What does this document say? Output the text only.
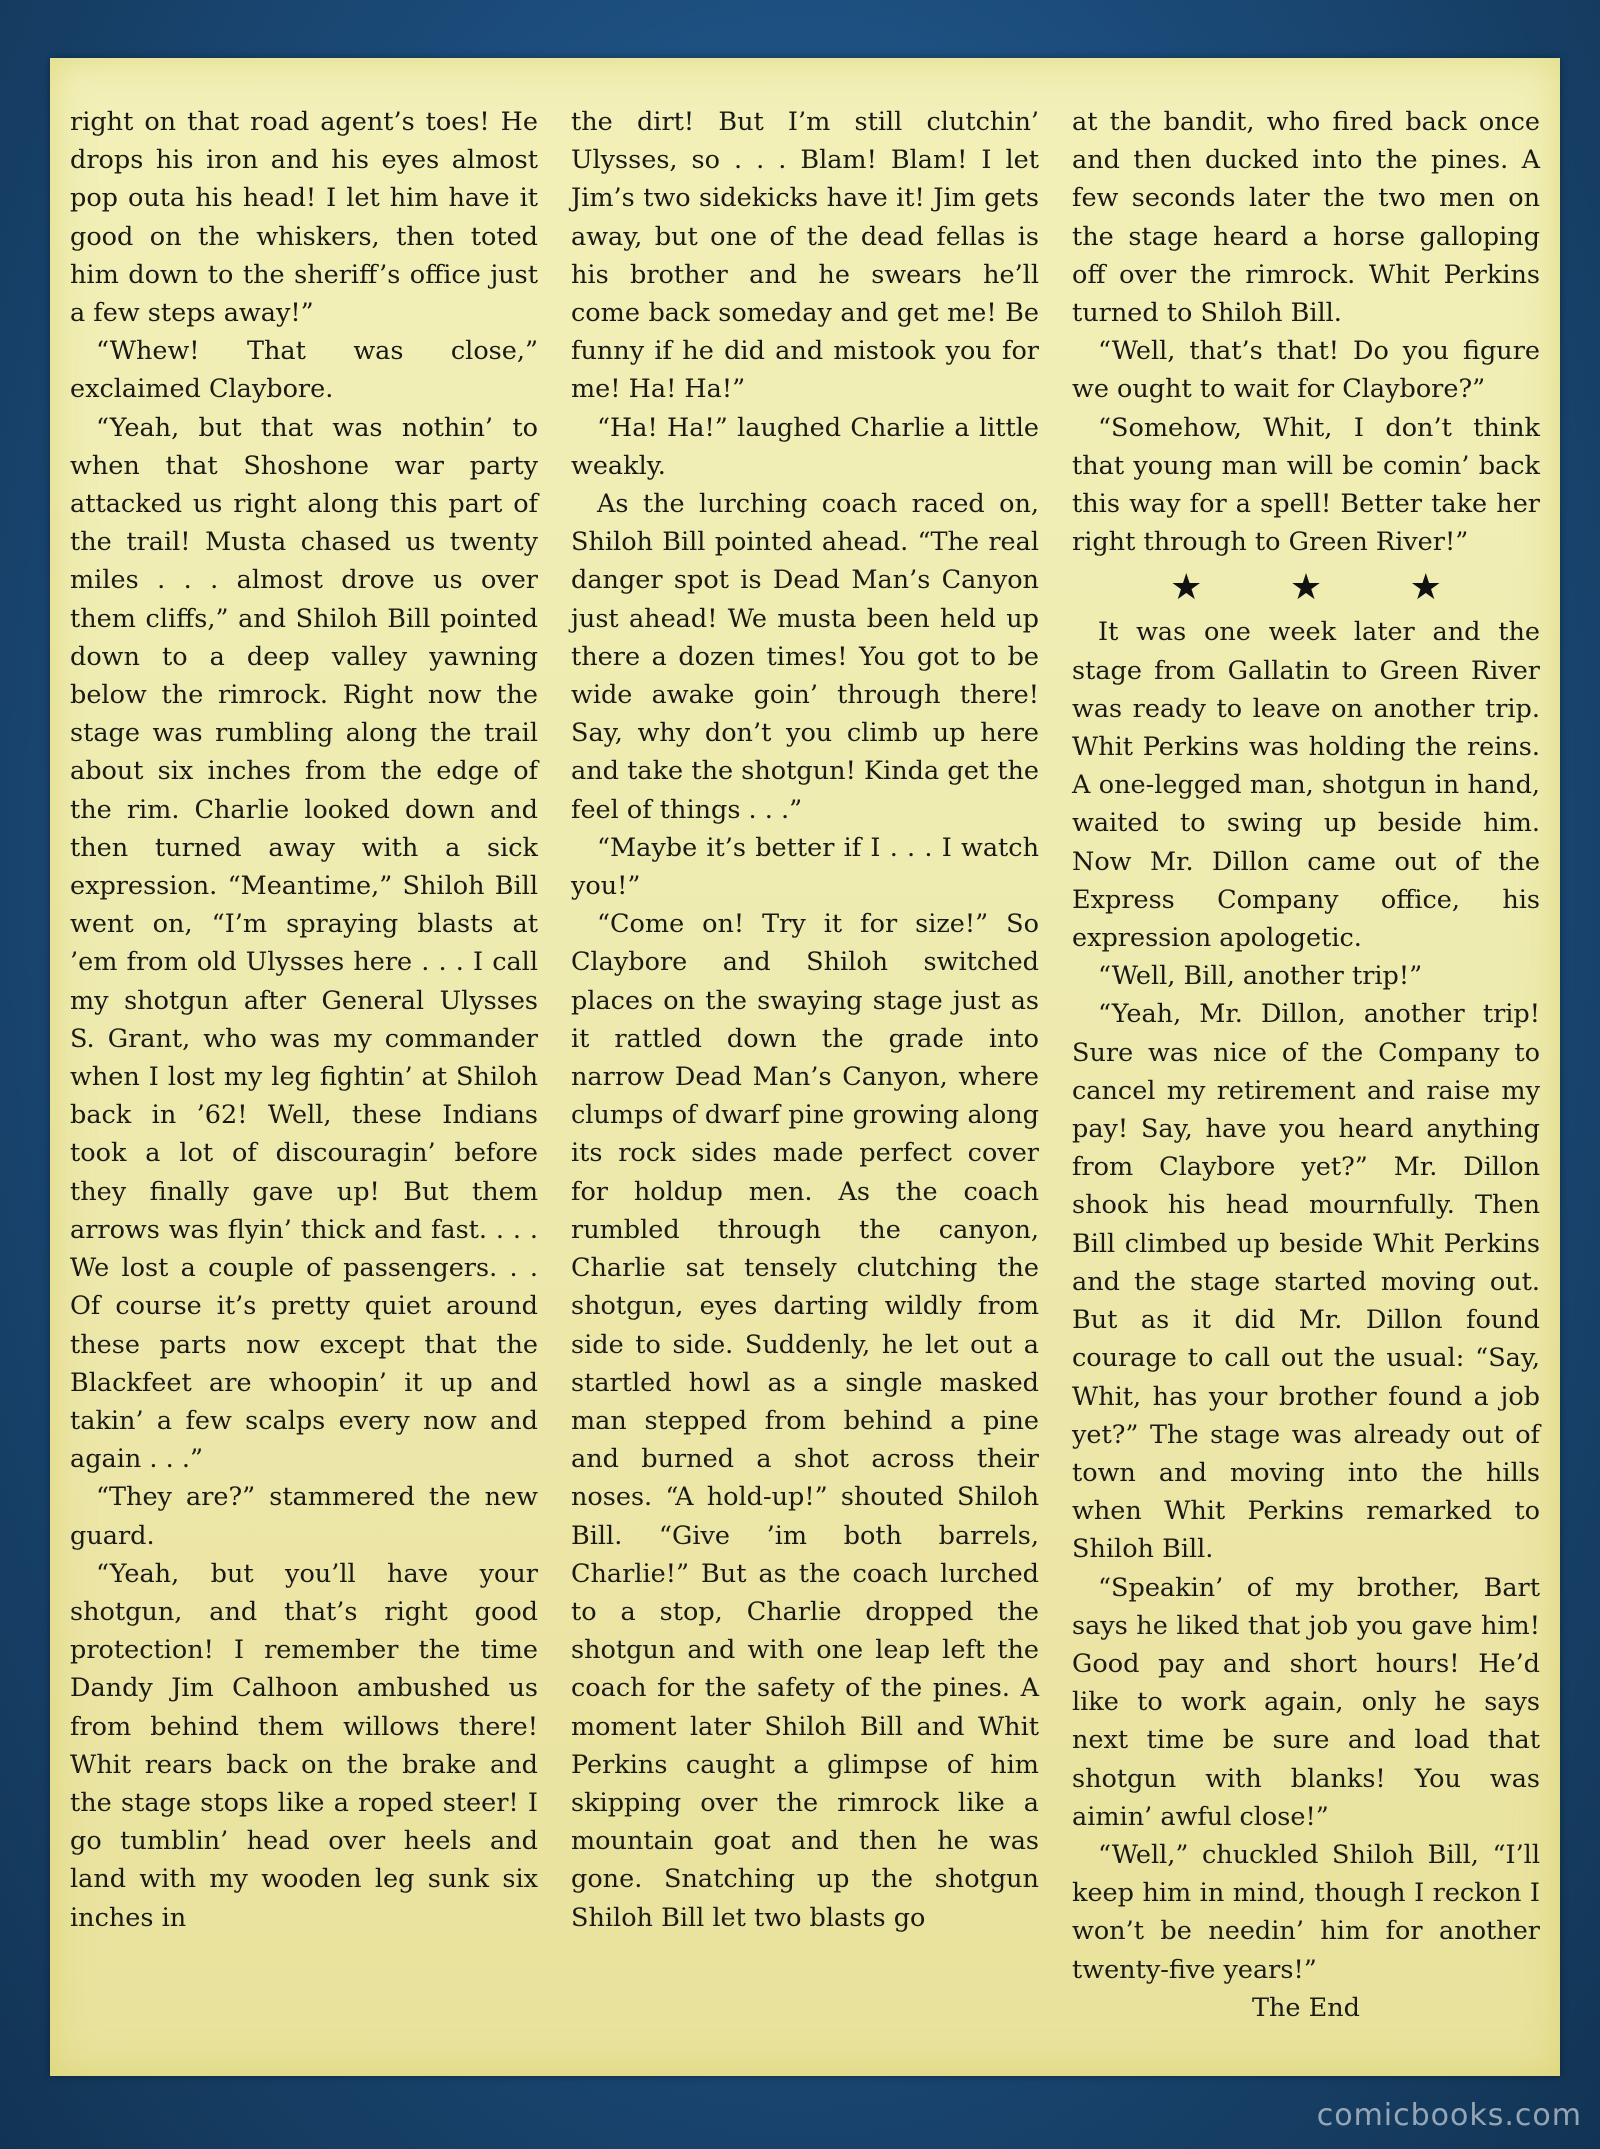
right on that road agent’s toes! He drops his iron and his eyes almost pop outa his head! I let him have it good on the whiskers, then toted him down to the sheriff’s office just a few steps away!”

“Whew! That was close,” exclaimed Claybore.

“Yeah, but that was nothin’ to when that Shoshone war party attacked us right along this part of the trail! Musta chased us twenty miles . . . almost drove us over them cliffs,” and Shiloh Bill pointed down to a deep valley yawning below the rimrock. Right now the stage was rumbling along the trail about six inches from the edge of the rim. Charlie looked down and then turned away with a sick expression. “Meantime,” Shiloh Bill went on, “I’m spraying blasts at ’em from old Ulysses here . . . I call my shotgun after General Ulysses S. Grant, who was my commander when I lost my leg fightin’ at Shiloh back in ’62! Well, these Indians took a lot of discouragin’ before they finally gave up! But them arrows was flyin’ thick and fast. . . . We lost a couple of passengers. . . Of course it’s pretty quiet around these parts now except that the Blackfeet are whoopin’ it up and takin’ a few scalps every now and again . . .”

“They are?” stammered the new guard.

“Yeah, but you’ll have your shotgun, and that’s right good protection! I remember the time Dandy Jim Calhoon ambushed us from behind them willows there! Whit rears back on the brake and the stage stops like a roped steer! I go tumblin’ head over heels and land with my wooden leg sunk six inches in

the dirt! But I’m still clutchin’ Ulysses, so . . . Blam! Blam! I let Jim’s two sidekicks have it! Jim gets away, but one of the dead fellas is his brother and he swears he’ll come back someday and get me! Be funny if he did and mistook you for me! Ha! Ha!”

“Ha! Ha!” laughed Charlie a little weakly.

As the lurching coach raced on, Shiloh Bill pointed ahead. “The real danger spot is Dead Man’s Canyon just ahead! We musta been held up there a dozen times! You got to be wide awake goin’ through there! Say, why don’t you climb up here and take the shotgun! Kinda get the feel of things . . .”

“Maybe it’s better if I . . . I watch you!”

“Come on! Try it for size!” So Claybore and Shiloh switched places on the swaying stage just as it rattled down the grade into narrow Dead Man’s Canyon, where clumps of dwarf pine growing along its rock sides made perfect cover for holdup men. As the coach rumbled through the canyon, Charlie sat tensely clutching the shotgun, eyes darting wildly from side to side. Suddenly, he let out a startled howl as a single masked man stepped from behind a pine and burned a shot across their noses. “A hold-up!” shouted Shiloh Bill. “Give ’im both barrels, Charlie!” But as the coach lurched to a stop, Charlie dropped the shotgun and with one leap left the coach for the safety of the pines. A moment later Shiloh Bill and Whit Perkins caught a glimpse of him skipping over the rimrock like a mountain goat and then he was gone. Snatching up the shotgun Shiloh Bill let two blasts go

at the bandit, who fired back once and then ducked into the pines. A few seconds later the two men on the stage heard a horse galloping off over the rimrock. Whit Perkins turned to Shiloh Bill.

“Well, that’s that! Do you figure we ought to wait for Claybore?”

“Somehow, Whit, I don’t think that young man will be comin’ back this way for a spell! Better take her right through to Green River!”

★ ★ ★

It was one week later and the stage from Gallatin to Green River was ready to leave on another trip. Whit Perkins was holding the reins. A one-legged man, shotgun in hand, waited to swing up beside him. Now Mr. Dillon came out of the Express Company office, his expression apologetic.

“Well, Bill, another trip!”

“Yeah, Mr. Dillon, another trip! Sure was nice of the Company to cancel my retirement and raise my pay! Say, have you heard anything from Claybore yet?” Mr. Dillon shook his head mournfully. Then Bill climbed up beside Whit Perkins and the stage started moving out. But as it did Mr. Dillon found courage to call out the usual: “Say, Whit, has your brother found a job yet?” The stage was already out of town and moving into the hills when Whit Perkins remarked to Shiloh Bill.

“Speakin’ of my brother, Bart says he liked that job you gave him! Good pay and short hours! He’d like to work again, only he says next time be sure and load that shotgun with blanks! You was aimin’ awful close!”

“Well,” chuckled Shiloh Bill, “I’ll keep him in mind, though I reckon I won’t be needin’ him for another twenty-five years!”

The End

comicbooks.com
